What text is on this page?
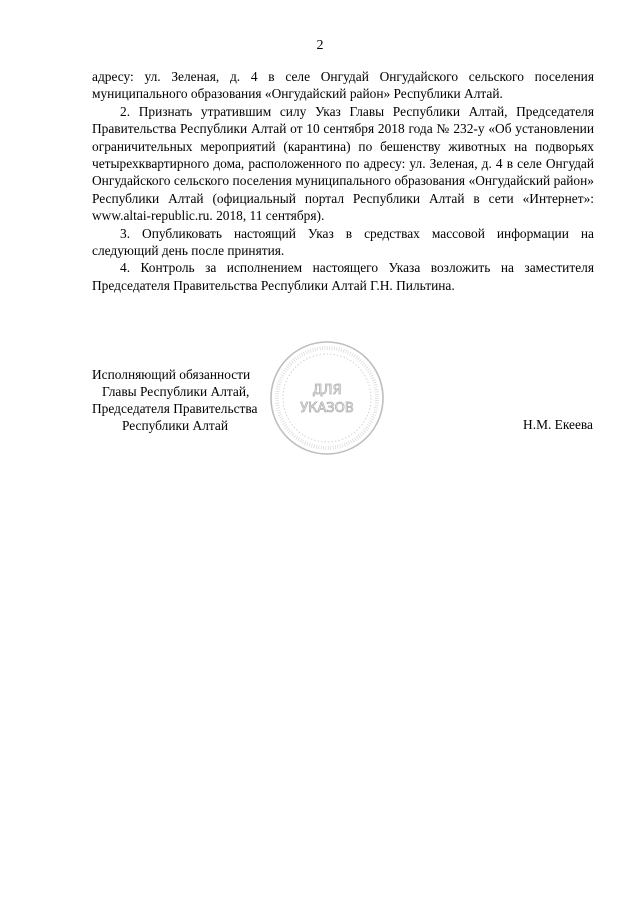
2

адресу: ул. Зеленая, д. 4 в селе Онгудай Онгудайского сельского поселения муниципального образования «Онгудайский район» Республики Алтай.

2. Признать утратившим силу Указ Главы Республики Алтай, Председателя Правительства Республики Алтай от 10 сентября 2018 года № 232-у «Об установлении ограничительных мероприятий (карантина) по бешенству животных на подворьях четырехквартирного дома, расположенного по адресу: ул. Зеленая, д. 4 в селе Онгудай Онгудайского сельского поселения муниципального образования «Онгудайский район» Республики Алтай (официальный портал Республики Алтай в сети «Интернет»: www.altai-republic.ru. 2018, 11 сентября).

3. Опубликовать настоящий Указ в средствах массовой информации на следующий день после принятия.

4. Контроль за исполнением настоящего Указа возложить на заместителя Председателя Правительства Республики Алтай Г.Н. Пильтина.

ДЛЯ
УКАЗОВ
Исполняющий обязанности
Главы Республики Алтай,
Председателя Правительства
Республики Алтай	Н.М. Екеева
